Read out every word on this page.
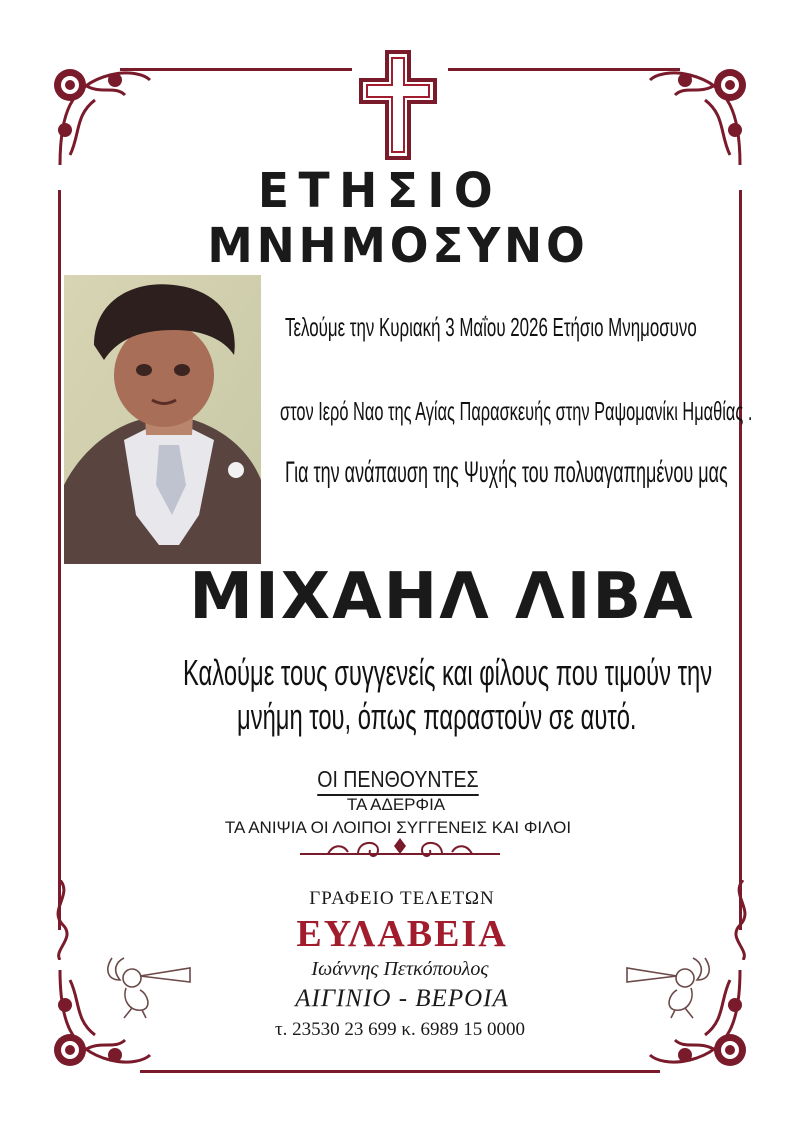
ΕΤΗΣΙΟ
ΜΝΗΜΟΣΥΝΟ
Τελούμε την Κυριακή 3 Μαΐου 2026 Ετήσιο Μνημοσυνο
στον Ιερό Ναο της Αγίας Παρασκευής στην Ραψομανίκι Ημαθίας .
Για την ανάπαυση της Ψυχής του πολυαγαπημένου μας
ΜΙΧΑΗΛ ΛΙΒΑ
Καλούμε τους συγγενείς και φίλους που τιμούν την
μνήμη του, όπως παραστούν σε αυτό.
ΟΙ ΠΕΝΘΟΥΝΤΕΣ
ΤΑ ΑΔΕΡΦΙΑ
ΤΑ ΑΝΙΨΙΑ ΟΙ ΛΟΙΠΟΙ ΣΥΓΓΕΝΕΙΣ ΚΑΙ ΦΙΛΟΙ
ΓΡΑΦΕΙΟ ΤΕΛΕΤΩΝ
ΕΥΛΑΒΕΙΑ
Ιωάννης Πετκόπουλος
ΑΙΓΙΝΙΟ - ΒΕΡΟΙΑ
τ. 23530 23 699 κ. 6989 15 0000
